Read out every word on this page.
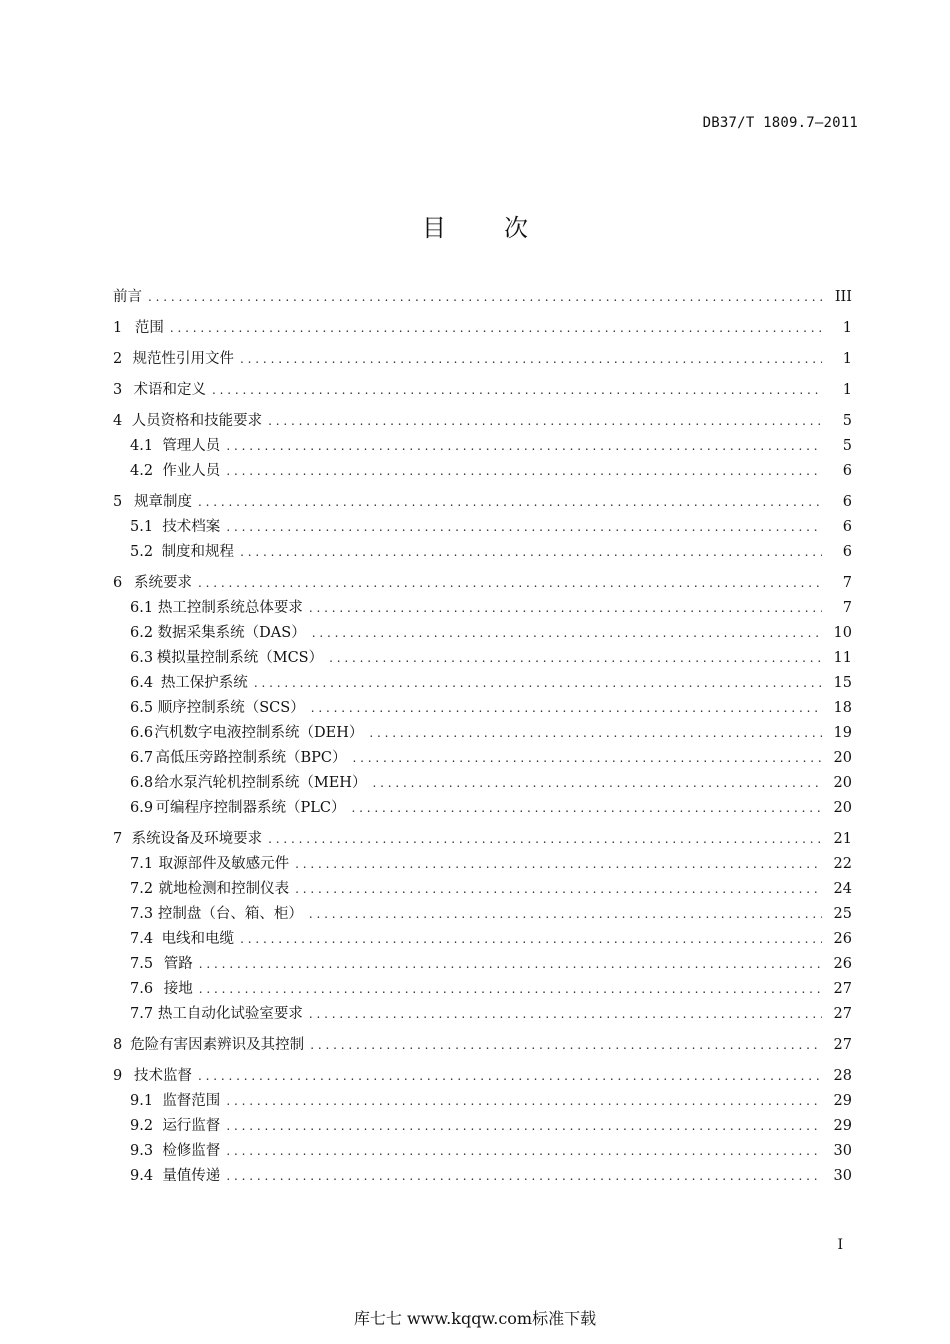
DB37/T 1809.7—2011
目 次
前言 . . .	III
1 范围 . . .	1
2 规范性引用文件 . . .	1
3 术语和定义 . . .	1
4 人员资格和技能要求 . . .	5
4.1 管理人员 . . .	5
4.2 作业人员 . . .	6
5 规章制度 . . .	6
5.1 技术档案 . . .	6
5.2 制度和规程 . . .	6
6 系统要求 . . .	7
6.1 热工控制系统总体要求 . . .	7
6.2 数据采集系统（DAS） . . .	10
6.3 模拟量控制系统（MCS） . . .	11
6.4 热工保护系统 . . .	15
6.5 顺序控制系统（SCS） . . .	18
6.6 汽机数字电液控制系统（DEH） . . .	19
6.7 高低压旁路控制系统（BPC） . . .	20
6.8 给水泵汽轮机控制系统（MEH） . . .	20
6.9 可编程序控制器系统（PLC） . . .	20
7 系统设备及环境要求 . . .	21
7.1 取源部件及敏感元件 . . .	22
7.2 就地检测和控制仪表 . . .	24
7.3 控制盘（台、箱、柜） . . .	25
7.4 电线和电缆 . . .	26
7.5 管路 . . .	26
7.6 接地 . . .	27
7.7 热工自动化试验室要求 . . .	27
8 危险有害因素辨识及其控制 . . .	27
9 技术监督 . . .	28
9.1 监督范围 . . .	29
9.2 运行监督 . . .	29
9.3 检修监督 . . .	30
9.4 量值传递 . . .	30
I
库七七 www.kqqw.com标准下载
